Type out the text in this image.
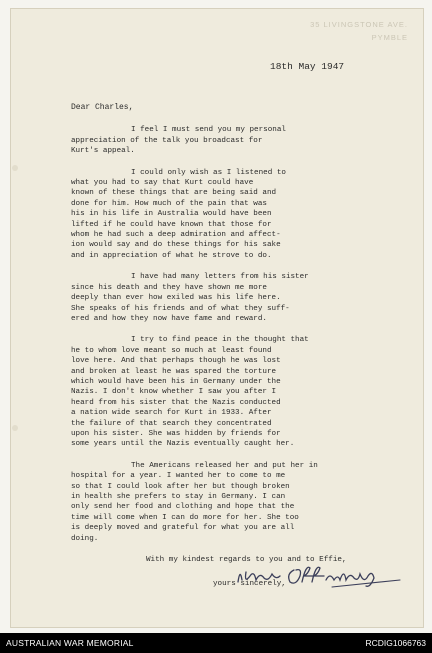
35 LIVINGSTONE AVE.
PYMBLE
18th May 1947

Dear Charles,

I feel I must send you my personal
appreciation of the talk you broadcast for
Kurt's appeal.
I could only wish as I listened to
what you had to say that Kurt could have
known of these things that are being said and
done for him. How much of the pain that was
his in his life in Australia would have been
lifted if he could have known that those for
whom he had such a deep admiration and affect-
ion would say and do these things for his sake
and in appreciation of what he strove to do.
I have had many letters from his sister
since his death and they have shown me more
deeply than ever how exiled was his life here.
She speaks of his friends and of what they suff-
ered and how they now have fame and reward.
I try to find peace in the thought that
he to whom love meant so much at least found
love here. And that perhaps though he was lost
and broken at least he was spared the torture
which would have been his in Germany under the
Nazis. I don't know whether I saw you after I
heard from his sister that the Nazis conducted
a nation wide search for Kurt in 1933. After
the failure of that search they concentrated
upon his sister. She was hidden by friends for
some years until the Nazis eventually caught her.
The Americans released her and put her in
hospital for a year. I wanted her to come to me
so that I could look after her but though broken
in health she prefers to stay in Germany. I can
only send her food and clothing and hope that the
time will come when I can do more for her. She too
is deeply moved and grateful for what you are all
doing.

With my kindest regards to you and to Effie,

yours sincerely,

AUSTRALIAN WAR MEMORIAL	RCDIG1066763
